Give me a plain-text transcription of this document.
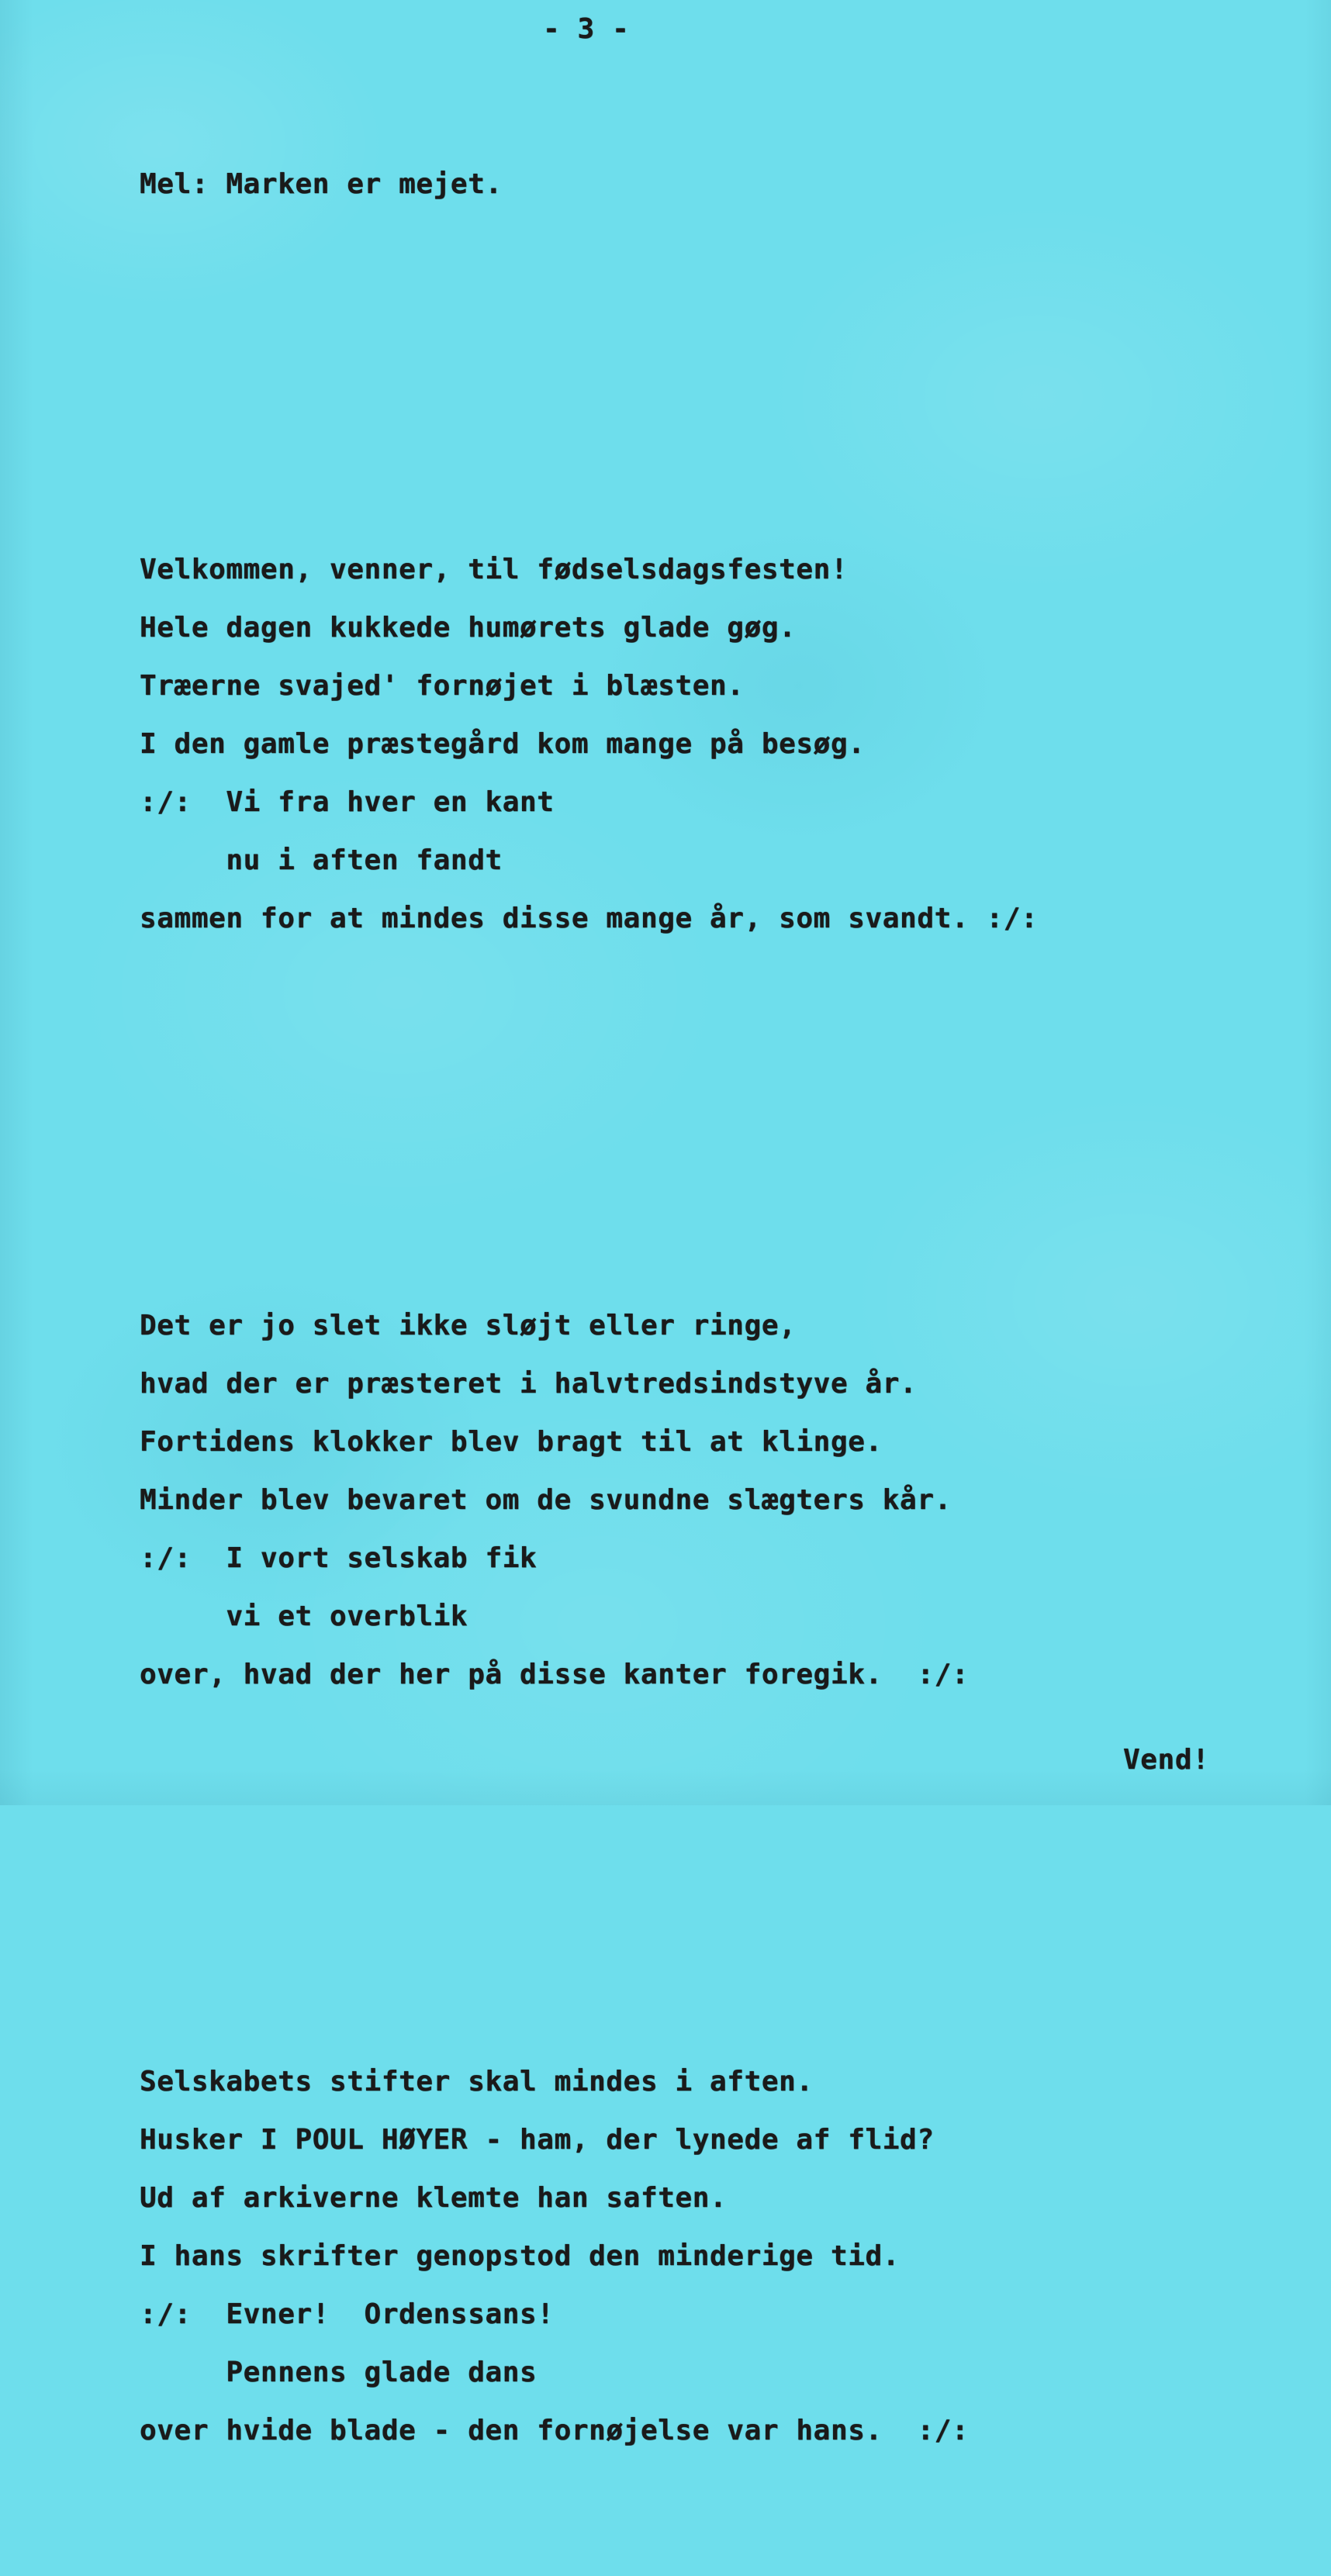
- 3 -
Mel: Marken er mejet.

Velkommen, venner, til fødselsdagsfesten!
Hele dagen kukkede humørets glade gøg.
Træerne svajed' fornøjet i blæsten.
I den gamle præstegård kom mange på besøg.
:/:  Vi fra hver en kant
nu i aften fandt
sammen for at mindes disse mange år, som svandt. :/:

Det er jo slet ikke sløjt eller ringe,
hvad der er præsteret i halvtredsindstyve år.
Fortidens klokker blev bragt til at klinge.
Minder blev bevaret om de svundne slægters kår.
:/:  I vort selskab fik
vi et overblik
over, hvad der her på disse kanter foregik.  :/:

Selskabets stifter skal mindes i aften.
Husker I POUL HØYER - ham, der lynede af flid?
Ud af arkiverne klemte han saften.
I hans skrifter genopstod den minderige tid.
:/:  Evner!  Ordenssans!
Pennens glade dans
over hvide blade - den fornøjelse var hans.  :/:

Vend!
